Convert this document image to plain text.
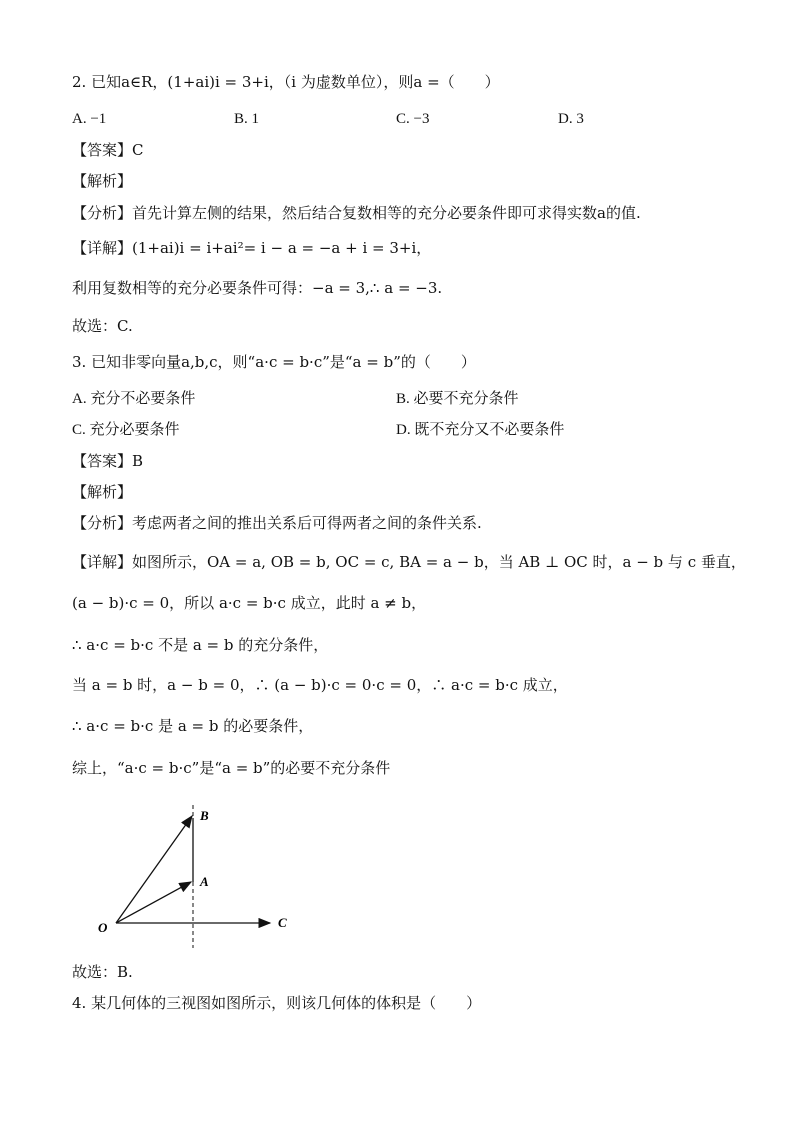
2. 已知a∈R，(1+ai)i = 3+i，（i 为虚数单位），则a =（　　）
A. −1	B. 1	C. −3	D. 3
【答案】C
【解析】
【分析】首先计算左侧的结果，然后结合复数相等的充分必要条件即可求得实数a的值.
【详解】(1+ai)i = i+ai²= i − a = −a + i = 3+i，
利用复数相等的充分必要条件可得：−a = 3,∴ a = −3.
故选：C.
3. 已知非零向量a,b,c，则“a·c = b·c”是“a = b”的（　　）
A. 充分不必要条件	B. 必要不充分条件
C. 充分必要条件	D. 既不充分又不必要条件
【答案】B
【解析】
【分析】考虑两者之间的推出关系后可得两者之间的条件关系.
【详解】如图所示，OA = a, OB = b, OC = c, BA = a − b，当 AB ⊥ OC 时，a − b 与 c 垂直，
(a − b)·c = 0，所以 a·c = b·c 成立，此时 a ≠ b，
∴ a·c = b·c 不是 a = b 的充分条件，
当 a = b 时，a − b = 0，∴ (a − b)·c = 0·c = 0，∴ a·c = b·c 成立，
∴ a·c = b·c 是 a = b 的必要条件，
综上，“a·c = b·c”是“a = b”的必要不充分条件
B
A
C
O
故选：B.
4. 某几何体的三视图如图所示，则该几何体的体积是（　　）
